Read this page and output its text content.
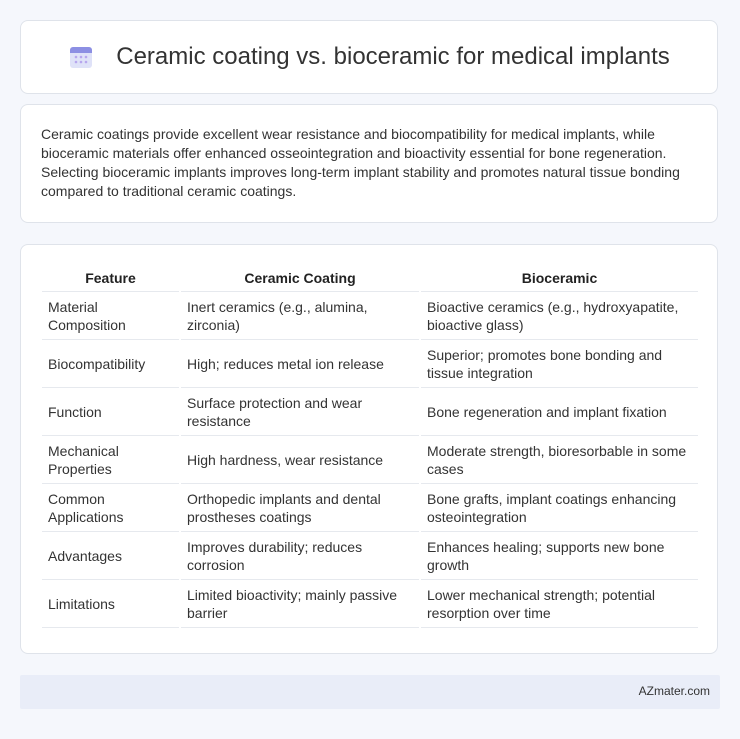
Ceramic coating vs. bioceramic for medical implants

Ceramic coatings provide excellent wear resistance and biocompatibility for medical implants, while bioceramic materials offer enhanced osseointegration and bioactivity essential for bone regeneration. Selecting bioceramic implants improves long-term implant stability and promotes natural tissue bonding compared to traditional ceramic coatings.

Feature	Ceramic Coating	Bioceramic
Material Composition	Inert ceramics (e.g., alumina, zirconia)	Bioactive ceramics (e.g., hydroxyapatite, bioactive glass)
Biocompatibility	High; reduces metal ion release	Superior; promotes bone bonding and tissue integration
Function	Surface protection and wear resistance	Bone regeneration and implant fixation
Mechanical Properties	High hardness, wear resistance	Moderate strength, bioresorbable in some cases
Common Applications	Orthopedic implants and dental prostheses coatings	Bone grafts, implant coatings enhancing osteointegration
Advantages	Improves durability; reduces corrosion	Enhances healing; supports new bone growth
Limitations	Limited bioactivity; mainly passive barrier	Lower mechanical strength; potential resorption over time
AZmater.com
